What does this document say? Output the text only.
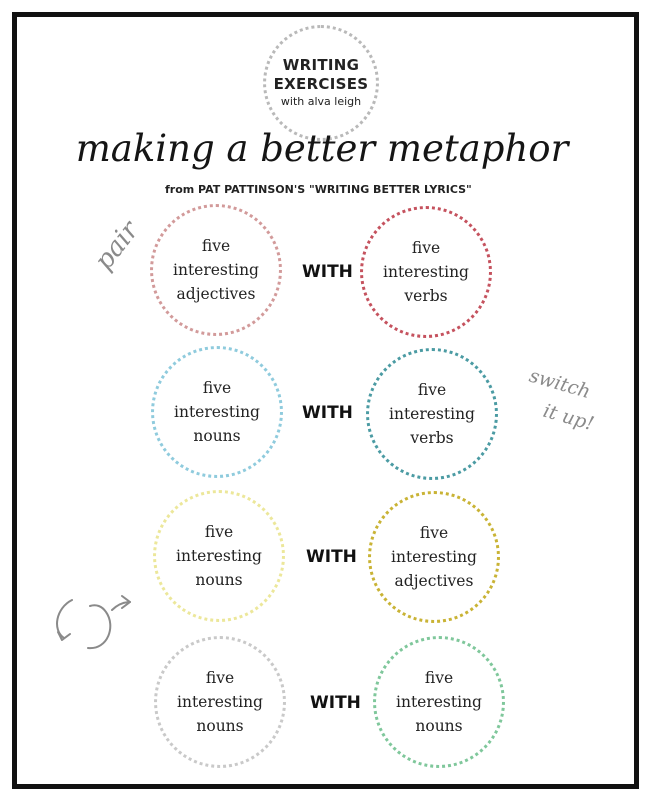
WRITING
EXERCISES
with alva leigh
making a better metaphor
from PAT PATTINSON'S "WRITING BETTER LYRICS"
five
interesting
adjectives
WITH
five
interesting
verbs
five
interesting
nouns
WITH
five
interesting
verbs
five
interesting
nouns
WITH
five
interesting
adjectives
five
interesting
nouns
WITH
five
interesting
nouns
pair
switch
it up!
